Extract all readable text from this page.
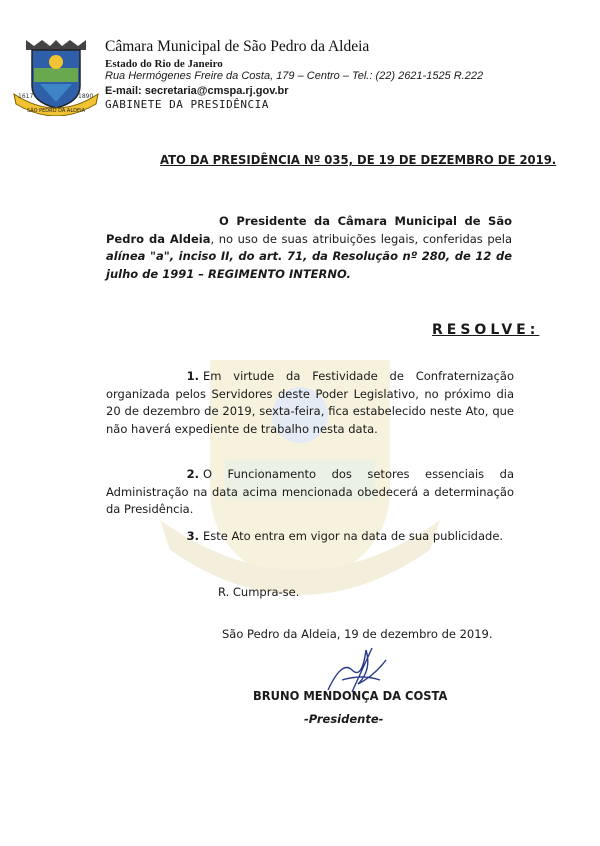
1617	1890
SÃO PEDRO DA ALDEIA
Câmara Municipal de São Pedro da Aldeia
Estado do Rio de Janeiro
Rua Hermógenes Freire da Costa, 179 – Centro – Tel.: (22) 2621-1525 R.222
E-mail: secretaria@cmspa.rj.gov.br
GABINETE DA PRESIDÊNCIA
ATO DA PRESIDÊNCIA Nº 035, DE 19 DE DEZEMBRO DE 2019.
O Presidente da Câmara Municipal de São Pedro da Aldeia, no uso de suas atribuições legais, conferidas pela alínea "a", inciso II, do art. 71, da Resolução nº 280, de 12 de julho de 1991 – REGIMENTO INTERNO.
RESOLVE:
1. Em virtude da Festividade de Confraternização organizada pelos Servidores deste Poder Legislativo, no próximo dia 20 de dezembro de 2019, sexta-feira, fica estabelecido neste Ato, que não haverá expediente de trabalho nesta data.
2. O Funcionamento dos setores essenciais da Administração na data acima mencionada obedecerá a determinação da Presidência.
3. Este Ato entra em vigor na data de sua publicidade.
R. Cumpra-se.
São Pedro da Aldeia, 19 de dezembro de 2019.
BRUNO MENDONÇA DA COSTA
-Presidente-
